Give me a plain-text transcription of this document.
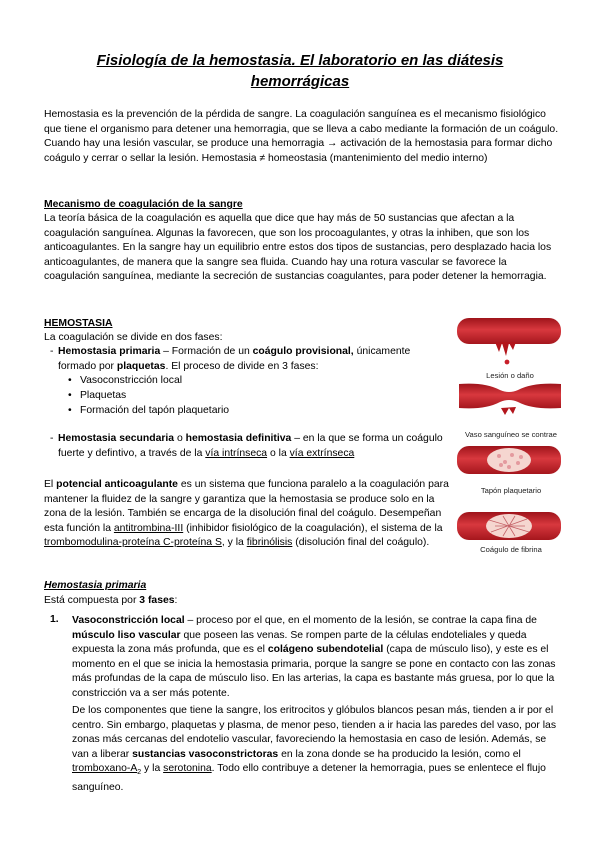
Fisiología de la hemostasia. El laboratorio en las diátesis
hemorrágicas
Hemostasia es la prevención de la pérdida de sangre. La coagulación sanguínea es el mecanismo fisiológico que tiene el organismo para detener una hemorragia, que se lleva a cabo mediante la formación de un coágulo. Cuando hay una lesión vascular, se produce una hemorragia → activación de la hemostasia para formar dicho coágulo y cerrar o sellar la lesión. Hemostasia ≠ homeostasia (mantenimiento del medio interno)
Mecanismo de coagulación de la sangre
La teoría básica de la coagulación es aquella que dice que hay más de 50 sustancias que afectan a la coagulación sanguínea. Algunas la favorecen, que son los procoagulantes, y otras la inhiben, que son los anticoagulantes. En la sangre hay un equilibrio entre estos dos tipos de sustancias, pero desplazado hacia los anticoagulantes, de manera que la sangre sea fluida. Cuando hay una rotura vascular se favorece la coagulación sanguínea, mediante la secreción de sustancias coagulantes, para poder detener la hemorragia.
HEMOSTASIA
La coagulación se divide en dos fases:
- Hemostasia primaria – Formación de un coágulo provisional, únicamente
formado por plaquetas. El proceso de divide en 3 fases:
• Vasoconstricción local
• Plaquetas
• Formación del tapón plaquetario
- Hemostasia secundaria o hemostasia definitiva – en la que se forma un coágulo
fuerte y defintivo, a través de la vía intrínseca o la vía extrínseca
El potencial anticoagulante es un sistema que funciona paralelo a la coagulación para mantener la fluidez de la sangre y garantiza que la hemostasia se produce solo en la zona de la lesión. También se encarga de la disolución final del coágulo. Desempeñan esta función la antitrombina-III (inhibidor fisiológico de la coagulación), el sistema de la trombomodulina-proteína C-proteína S, y la fibrinólisis (disolución final del coágulo).
Lesión o daño
Vaso sanguíneo se contrae
Tapón plaquetario
Coágulo de fibrina
Hemostasia primaria
Está compuesta por 3 fases:
1. Vasoconstricción local – proceso por el que, en el momento de la lesión, se contrae la capa fina de músculo liso vascular que poseen las venas. Se rompen parte de la células endoteliales y queda expuesta la zona más profunda, que es el colágeno subendotelial (capa de músculo liso), y este es el momento en el que se inicia la hemostasia primaria, porque la sangre se pone en contacto con las zonas más profundas de la capa de músculo liso. En las arterias, la capa es bastante más gruesa, por lo que la constricción va a ser más potente.
De los componentes que tiene la sangre, los eritrocitos y glóbulos blancos pesan más, tienden a ir por el centro. Sin embargo, plaquetas y plasma, de menor peso, tienden a ir hacia las paredes del vaso, por las zonas más cercanas del endotelio vascular, favoreciendo la hemostasia en caso de lesión. Además, se van a liberar sustancias vasoconstrictoras en la zona donde se ha producido la lesión, como el tromboxano-$A_2$ y la serotonina. Todo ello contribuye a detener la hemorragia, pues se enlentece el flujo sanguíneo.
